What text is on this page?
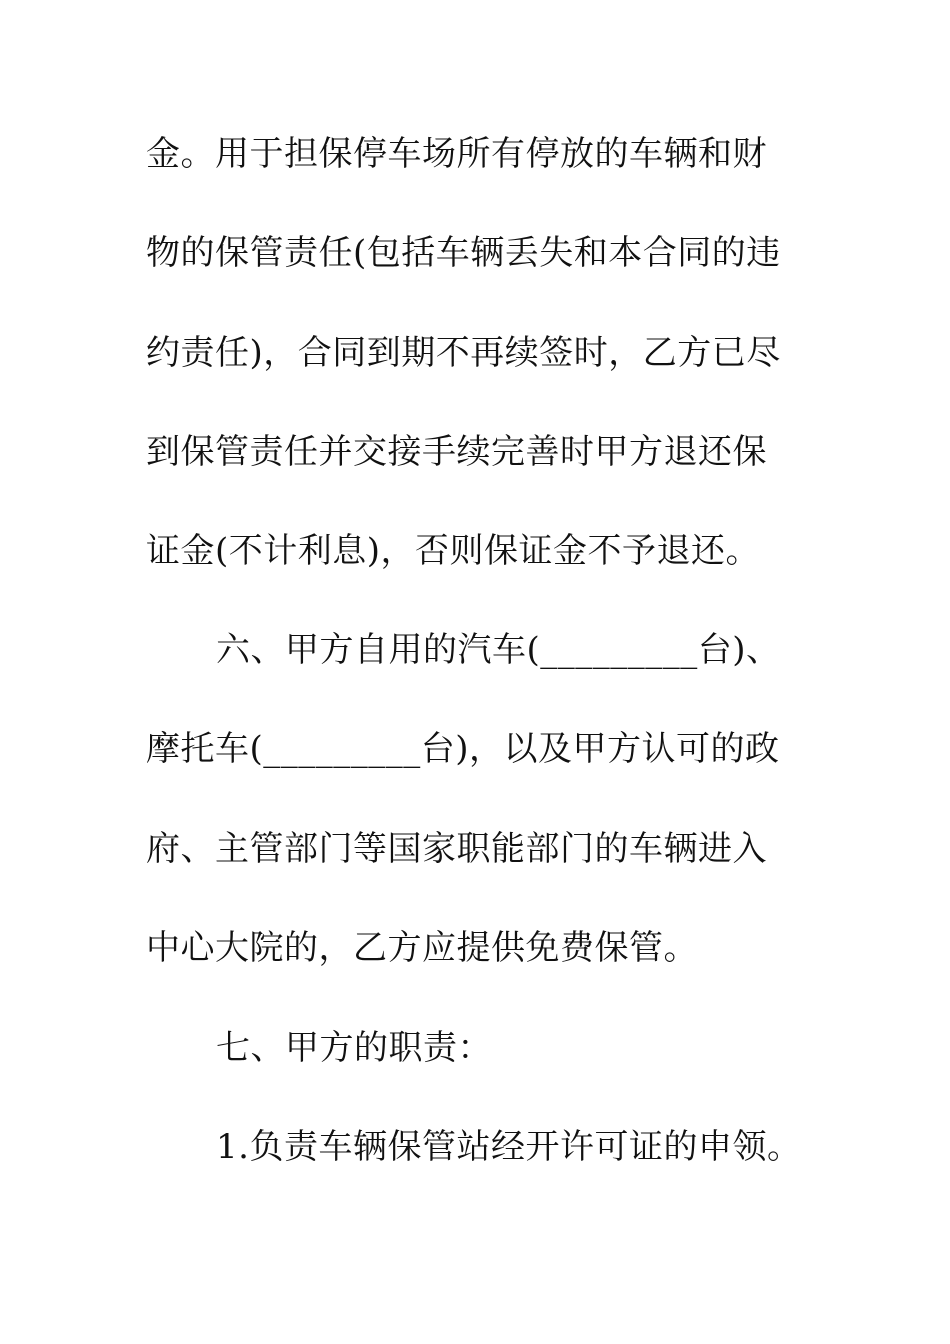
金。用于担保停车场所有停放的车辆和财
物的保管责任(包括车辆丢失和本合同的违
约责任)，合同到期不再续签时，乙方已尽
到保管责任并交接手续完善时甲方退还保
证金(不计利息)，否则保证金不予退还。
六、甲方自用的汽车(_________台)、
摩托车(_________台)，以及甲方认可的政
府、主管部门等国家职能部门的车辆进入
中心大院的，乙方应提供免费保管。
七、甲方的职责：
1.负责车辆保管站经开许可证的申领。
